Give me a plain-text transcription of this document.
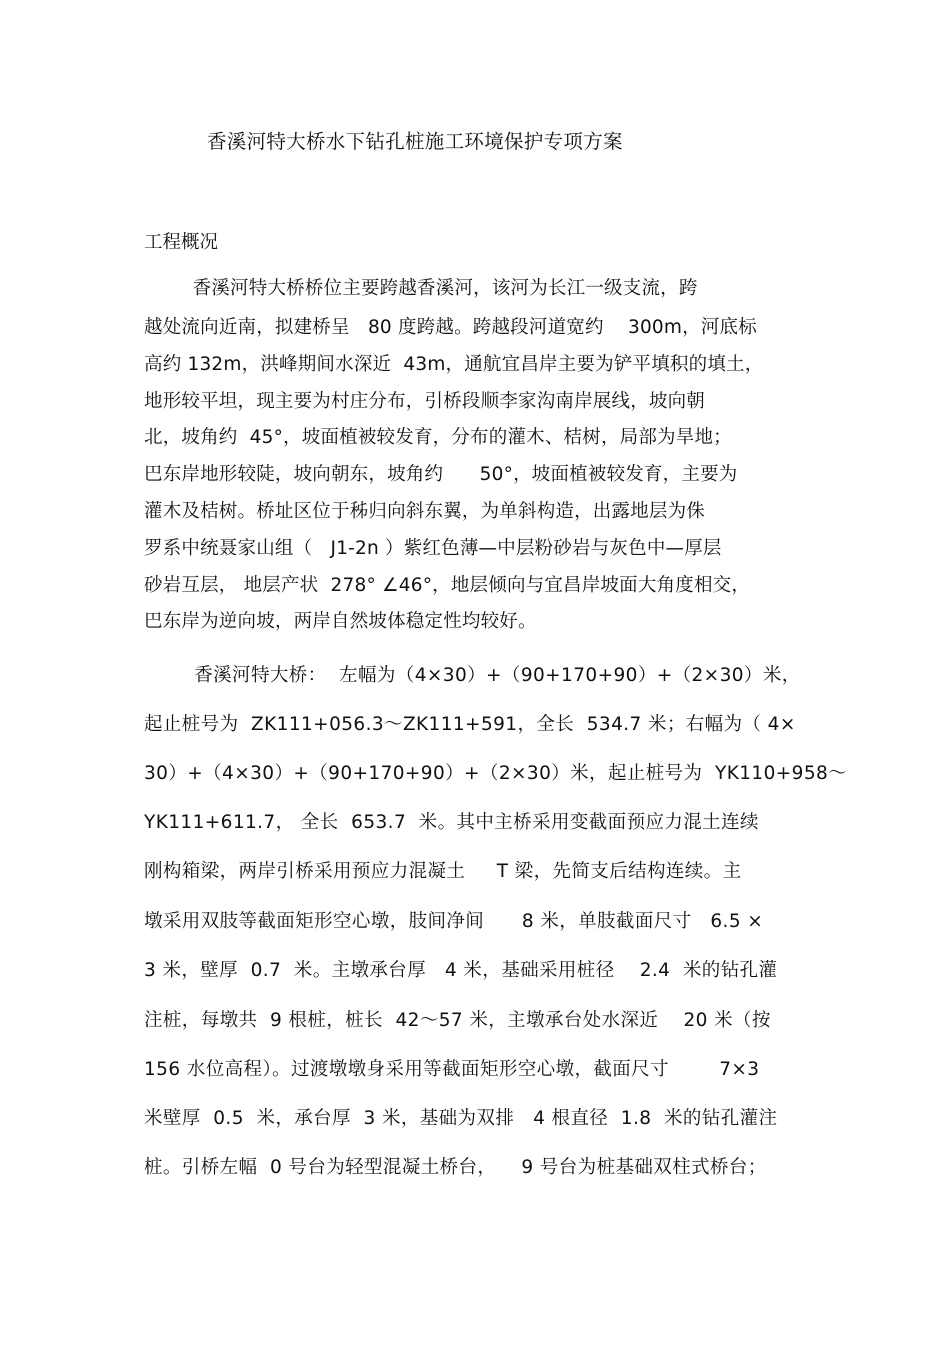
香溪河特大桥水下钻孔桩施工环境保护专项方案
工程概况
香溪河特大桥桥位主要跨越香溪河，该河为长江一级支流，跨
越处流向近南，拟建桥呈   80 度跨越。跨越段河道宽约    300m，河底标
高约 132m，洪峰期间水深近  43m，通航宜昌岸主要为铲平填积的填土，
地形较平坦，现主要为村庄分布，引桥段顺李家沟南岸展线，坡向朝
北，坡角约  45°，坡面植被较发育，分布的灌木、桔树，局部为旱地；
巴东岸地形较陡，坡向朝东，坡角约      50°，坡面植被较发育，主要为
灌木及桔树。桥址区位于秭归向斜东翼，为单斜构造，出露地层为侏
罗系中统聂家山组（   J1-2n ）紫红色薄—中层粉砂岩与灰色中—厚层
砂岩互层， 地层产状  278° ∠46°，地层倾向与宜昌岸坡面大角度相交，
巴东岸为逆向坡，两岸自然坡体稳定性均较好。
香溪河特大桥：  左幅为（4×30）+（90+170+90）+（2×30）米，
起止桩号为  ZK111+056.3～ZK111+591，全长  534.7 米；右幅为（ 4×
30）+（4×30）+（90+170+90）+（2×30）米，起止桩号为  YK110+958～
YK111+611.7， 全长  653.7  米。其中主桥采用变截面预应力混土连续
刚构箱梁，两岸引桥采用预应力混凝土     T 梁，先简支后结构连续。主
墩采用双肢等截面矩形空心墩，肢间净间      8 米，单肢截面尺寸   6.5 ×
3 米，壁厚  0.7  米。主墩承台厚   4 米，基础采用桩径    2.4  米的钻孔灌
注桩，每墩共  9 根桩，桩长  42～57 米，主墩承台处水深近    20 米（按
156 水位高程）。过渡墩墩身采用等截面矩形空心墩，截面尺寸        7×3
米壁厚  0.5  米，承台厚  3 米，基础为双排   4 根直径  1.8  米的钻孔灌注
桩。引桥左幅  0 号台为轻型混凝土桥台，    9 号台为桩基础双柱式桥台；
